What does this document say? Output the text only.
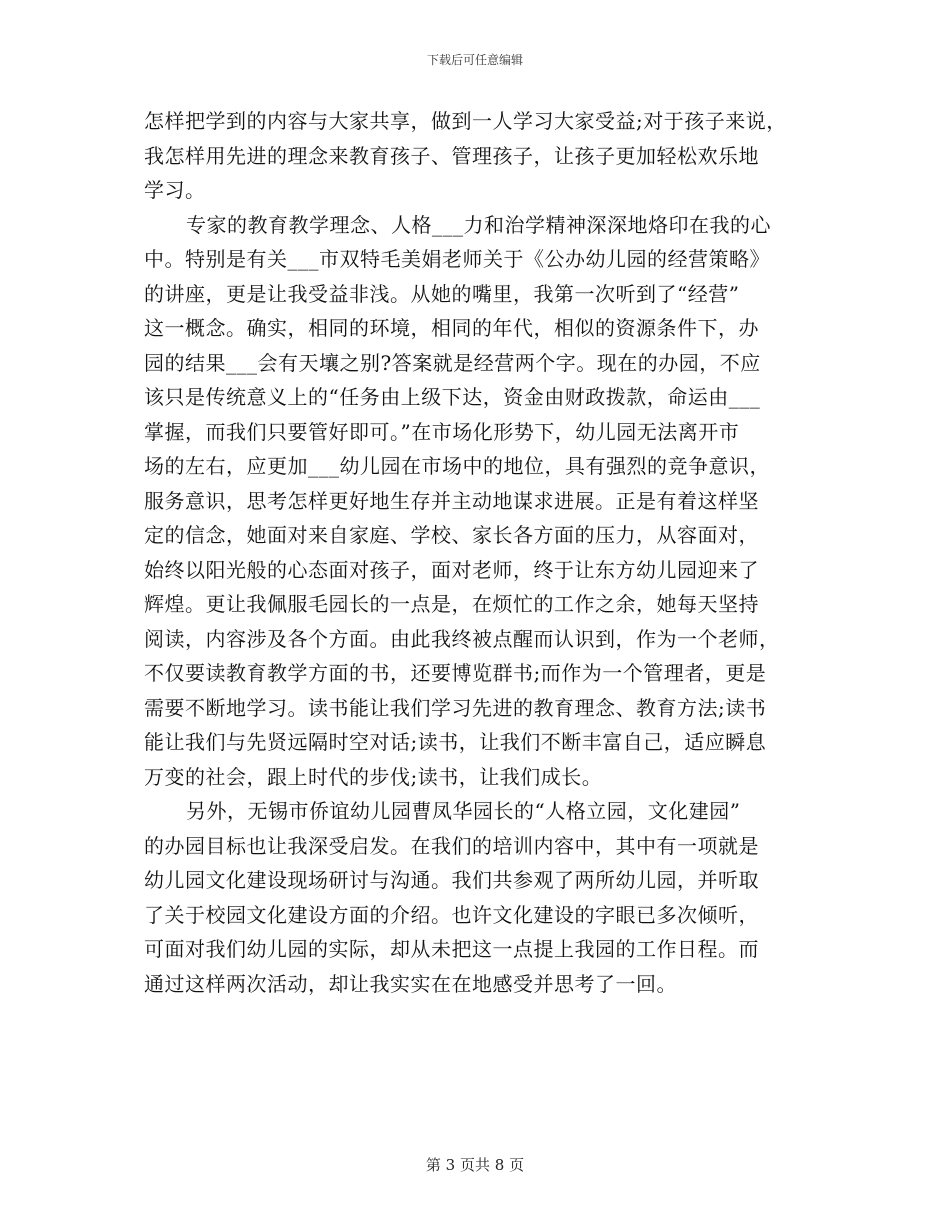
下载后可任意编辑
怎样把学到的内容与大家共享，做到一人学习大家受益;对于孩子来说，
我怎样用先进的理念来教育孩子、管理孩子，让孩子更加轻松欢乐地
学习。
专家的教育教学理念、人格___力和治学精神深深地烙印在我的心
中。特别是有关___市双特毛美娟老师关于《公办幼儿园的经营策略》
的讲座，更是让我受益非浅。从她的嘴里，我第一次听到了“经营”
这一概念。确实，相同的环境，相同的年代，相似的资源条件下，办
园的结果___会有天壤之别?答案就是经营两个字。现在的办园，不应
该只是传统意义上的“任务由上级下达，资金由财政拨款，命运由___
掌握，而我们只要管好即可。”在市场化形势下，幼儿园无法离开市
场的左右，应更加___幼儿园在市场中的地位，具有强烈的竞争意识，
服务意识，思考怎样更好地生存并主动地谋求进展。正是有着这样坚
定的信念，她面对来自家庭、学校、家长各方面的压力，从容面对，
始终以阳光般的心态面对孩子，面对老师，终于让东方幼儿园迎来了
辉煌。更让我佩服毛园长的一点是，在烦忙的工作之余，她每天坚持
阅读，内容涉及各个方面。由此我终被点醒而认识到，作为一个老师，
不仅要读教育教学方面的书，还要博览群书;而作为一个管理者，更是
需要不断地学习。读书能让我们学习先进的教育理念、教育方法;读书
能让我们与先贤远隔时空对话;读书，让我们不断丰富自己，适应瞬息
万变的社会，跟上时代的步伐;读书，让我们成长。
另外，无锡市侨谊幼儿园曹凤华园长的“人格立园，文化建园”
的办园目标也让我深受启发。在我们的培训内容中，其中有一项就是
幼儿园文化建设现场研讨与沟通。我们共参观了两所幼儿园，并听取
了关于校园文化建设方面的介绍。也许文化建设的字眼已多次倾听，
可面对我们幼儿园的实际，却从未把这一点提上我园的工作日程。而
通过这样两次活动，却让我实实在在地感受并思考了一回。
第 3 页共 8 页
